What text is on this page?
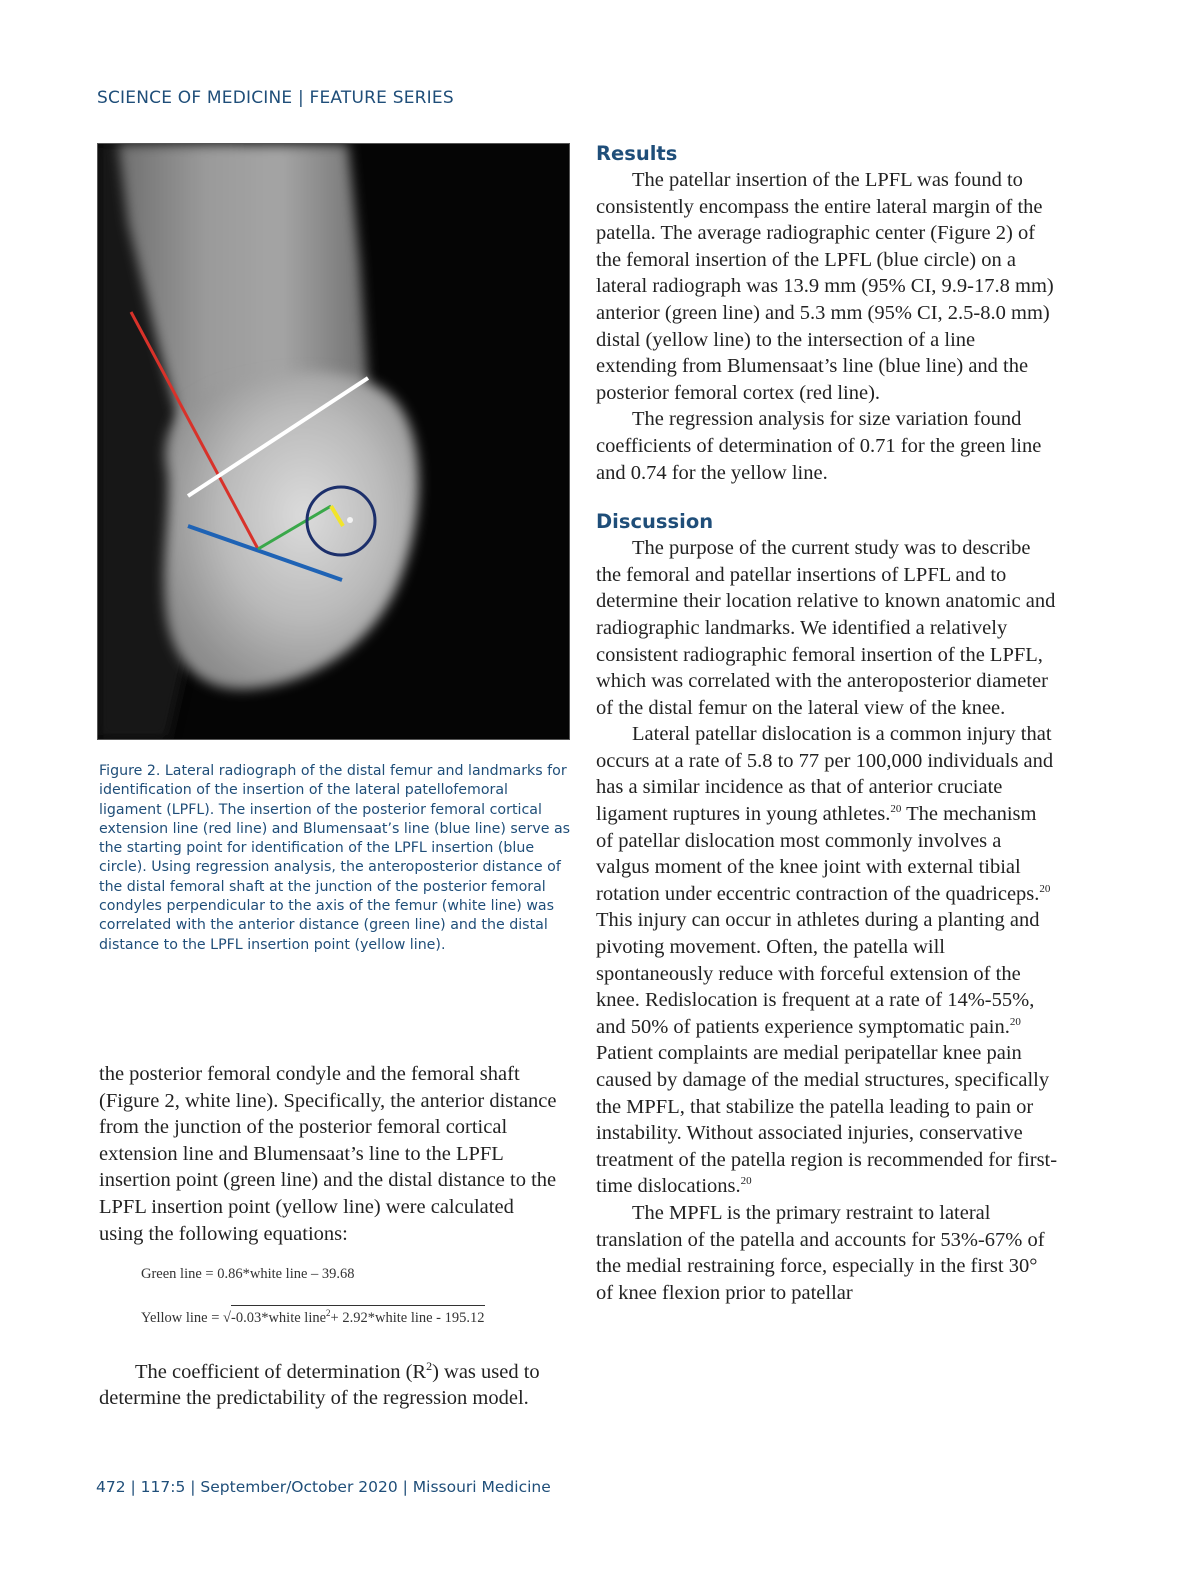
SCIENCE OF MEDICINE | FEATURE SERIES
Figure 2. Lateral radiograph of the distal femur and landmarks for identification of the insertion of the lateral patellofemoral ligament (LPFL). The insertion of the posterior femoral cortical extension line (red line) and Blumensaat’s line (blue line) serve as the starting point for identification of the LPFL insertion (blue circle). Using regression analysis, the anteroposterior distance of the distal femoral shaft at the junction of the posterior femoral condyles perpendicular to the axis of the femur (white line) was correlated with the anterior distance (green line) and the distal distance to the LPFL insertion point (yellow line).

the posterior femoral condyle and the femoral shaft (Figure 2, white line). Specifically, the anterior distance from the junction of the posterior femoral cortical extension line and Blumensaat’s line to the LPFL insertion point (green line) and the distal distance to the LPFL insertion point (yellow line) were calculated using the following equations:

Green line = 0.86*white line – 39.68
Yellow line = √-0.03*white line$^2$+ 2.92*white line - 195.12

The coefficient of determination $(R^2)$ was used to determine the predictability of the regression model.

Results

The patellar insertion of the LPFL was found to consistently encompass the entire lateral margin of the patella. The average radiographic center (Figure 2) of the femoral insertion of the LPFL (blue circle) on a lateral radiograph was 13.9 mm (95% CI, 9.9-17.8 mm) anterior (green line) and 5.3 mm (95% CI, 2.5-8.0 mm) distal (yellow line) to the intersection of a line extending from Blumensaat’s line (blue line) and the posterior femoral cortex (red line).

The regression analysis for size variation found coefficients of determination of 0.71 for the green line and 0.74 for the yellow line.

Discussion

The purpose of the current study was to describe the femoral and patellar insertions of LPFL and to determine their location relative to known anatomic and radiographic landmarks. We identified a relatively consistent radiographic femoral insertion of the LPFL, which was correlated with the anteroposterior diameter of the distal femur on the lateral view of the knee.

Lateral patellar dislocation is a common injury that occurs at a rate of 5.8 to 77 per 100,000 individuals and has a similar incidence as that of anterior cruciate ligament ruptures in young athletes.$^{20}$ The mechanism of patellar dislocation most commonly involves a valgus moment of the knee joint with external tibial rotation under eccentric contraction of the quadriceps.$^{20}$ This injury can occur in athletes during a planting and pivoting movement. Often, the patella will spontaneously reduce with forceful extension of the knee. Redislocation is frequent at a rate of 14%-55%, and 50% of patients experience symptomatic pain.$^{20}$ Patient complaints are medial peripatellar knee pain caused by damage of the medial structures, specifically the MPFL, that stabilize the patella leading to pain or instability. Without associated injuries, conservative treatment of the patella region is recommended for first-time dislocations.$^{20}$

The MPFL is the primary restraint to lateral translation of the patella and accounts for 53%-67% of the medial restraining force, especially in the first 30° of knee flexion prior to patellar

472 | 117:5 | September/October 2020 | Missouri Medicine
